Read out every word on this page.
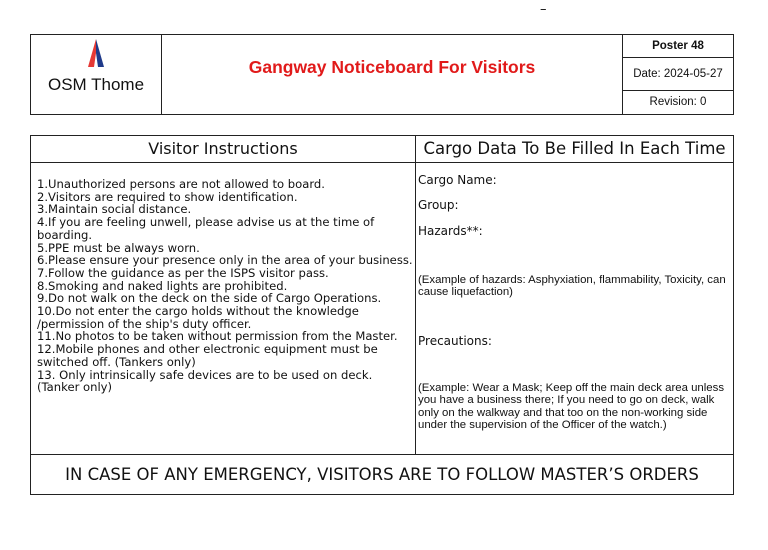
–
OSM Thome
Gangway Noticeboard For Visitors
Poster 48
Date: 2024-05-27
Revision: 0
Visitor Instructions
1.Unauthorized persons are not allowed to board.
2.Visitors are required to show identification.
3.Maintain social distance.
4.If you are feeling unwell, please advise us at the time of boarding.
5.PPE must be always worn.
6.Please ensure your presence only in the area of your business.
7.Follow the guidance as per the ISPS visitor pass.
8.Smoking and naked lights are prohibited.
9.Do not walk on the deck on the side of Cargo Operations.
10.Do not enter the cargo holds without the knowledge /permission of the ship's duty officer.
11.No photos to be taken without permission from the Master.
12.Mobile phones and other electronic equipment must be switched off. (Tankers only)
13. Only intrinsically safe devices are to be used on deck.(Tanker only)
Cargo Data To Be Filled In Each Time
Cargo Name:
Group:
Hazards**:
(Example of hazards: Asphyxiation, flammability, Toxicity, can cause liquefaction)
Precautions:
(Example: Wear a Mask; Keep off the main deck area unless you have a business there; If you need to go on deck, walk only on the walkway and that too on the non-working side under the supervision of the Officer of the watch.)
IN CASE OF ANY EMERGENCY, VISITORS ARE TO FOLLOW MASTER’S ORDERS
